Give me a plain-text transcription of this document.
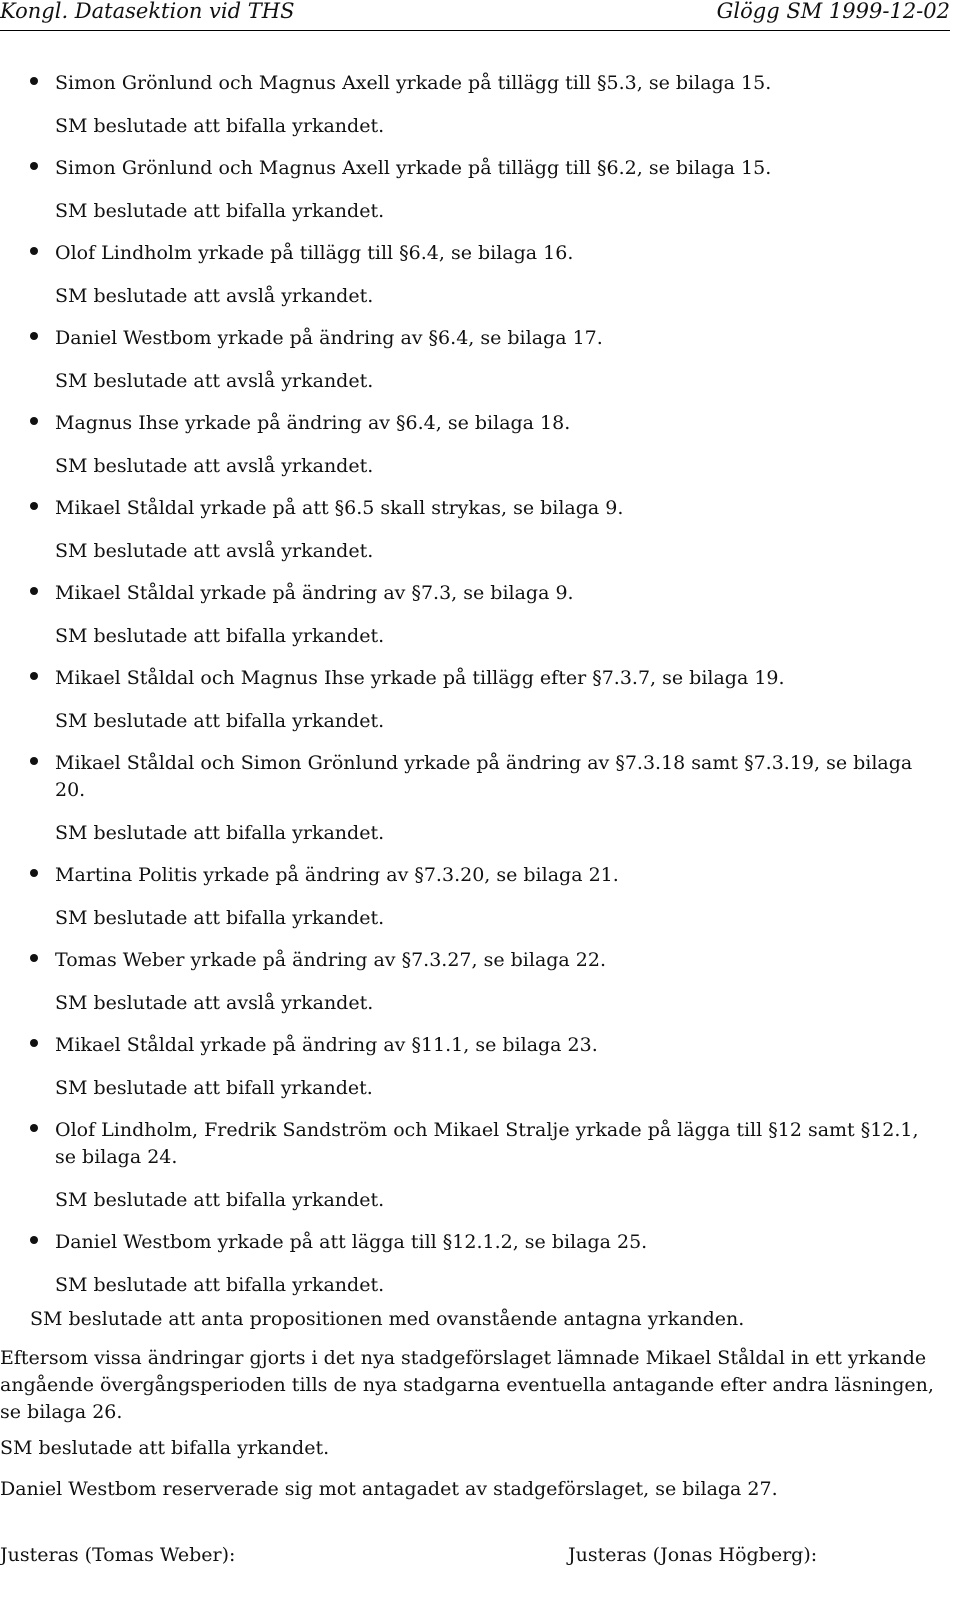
Kongl. Datasektion vid THS	Glögg SM 1999-12-02

Simon Grönlund och Magnus Axell yrkade på tillägg till §5.3, se bilaga 15.

SM beslutade att bifalla yrkandet.

Simon Grönlund och Magnus Axell yrkade på tillägg till §6.2, se bilaga 15.

SM beslutade att bifalla yrkandet.

Olof Lindholm yrkade på tillägg till §6.4, se bilaga 16.

SM beslutade att avslå yrkandet.

Daniel Westbom yrkade på ändring av §6.4, se bilaga 17.

SM beslutade att avslå yrkandet.

Magnus Ihse yrkade på ändring av §6.4, se bilaga 18.

SM beslutade att avslå yrkandet.

Mikael Ståldal yrkade på att §6.5 skall strykas, se bilaga 9.

SM beslutade att avslå yrkandet.

Mikael Ståldal yrkade på ändring av §7.3, se bilaga 9.

SM beslutade att bifalla yrkandet.

Mikael Ståldal och Magnus Ihse yrkade på tillägg efter §7.3.7, se bilaga 19.

SM beslutade att bifalla yrkandet.

Mikael Ståldal och Simon Grönlund yrkade på ändring av §7.3.18 samt §7.3.19, se bilaga 20.

SM beslutade att bifalla yrkandet.

Martina Politis yrkade på ändring av §7.3.20, se bilaga 21.

SM beslutade att bifalla yrkandet.

Tomas Weber yrkade på ändring av §7.3.27, se bilaga 22.

SM beslutade att avslå yrkandet.

Mikael Ståldal yrkade på ändring av §11.1, se bilaga 23.

SM beslutade att bifall yrkandet.

Olof Lindholm, Fredrik Sandström och Mikael Stralje yrkade på lägga till §12 samt §12.1, se bilaga 24.

SM beslutade att bifalla yrkandet.

Daniel Westbom yrkade på att lägga till §12.1.2, se bilaga 25.

SM beslutade att bifalla yrkandet.

SM beslutade att anta propositionen med ovanstående antagna yrkanden.
Eftersom vissa ändringar gjorts i det nya stadgeförslaget lämnade Mikael Ståldal in ett yrkande angående övergångsperioden tills de nya stadgarna eventuella antagande efter andra läsningen, se bilaga 26.
SM beslutade att bifalla yrkandet.
Daniel Westbom reserverade sig mot antagadet av stadgeförslaget, se bilaga 27.
Justeras (Tomas Weber):	Justeras (Jonas Högberg):
